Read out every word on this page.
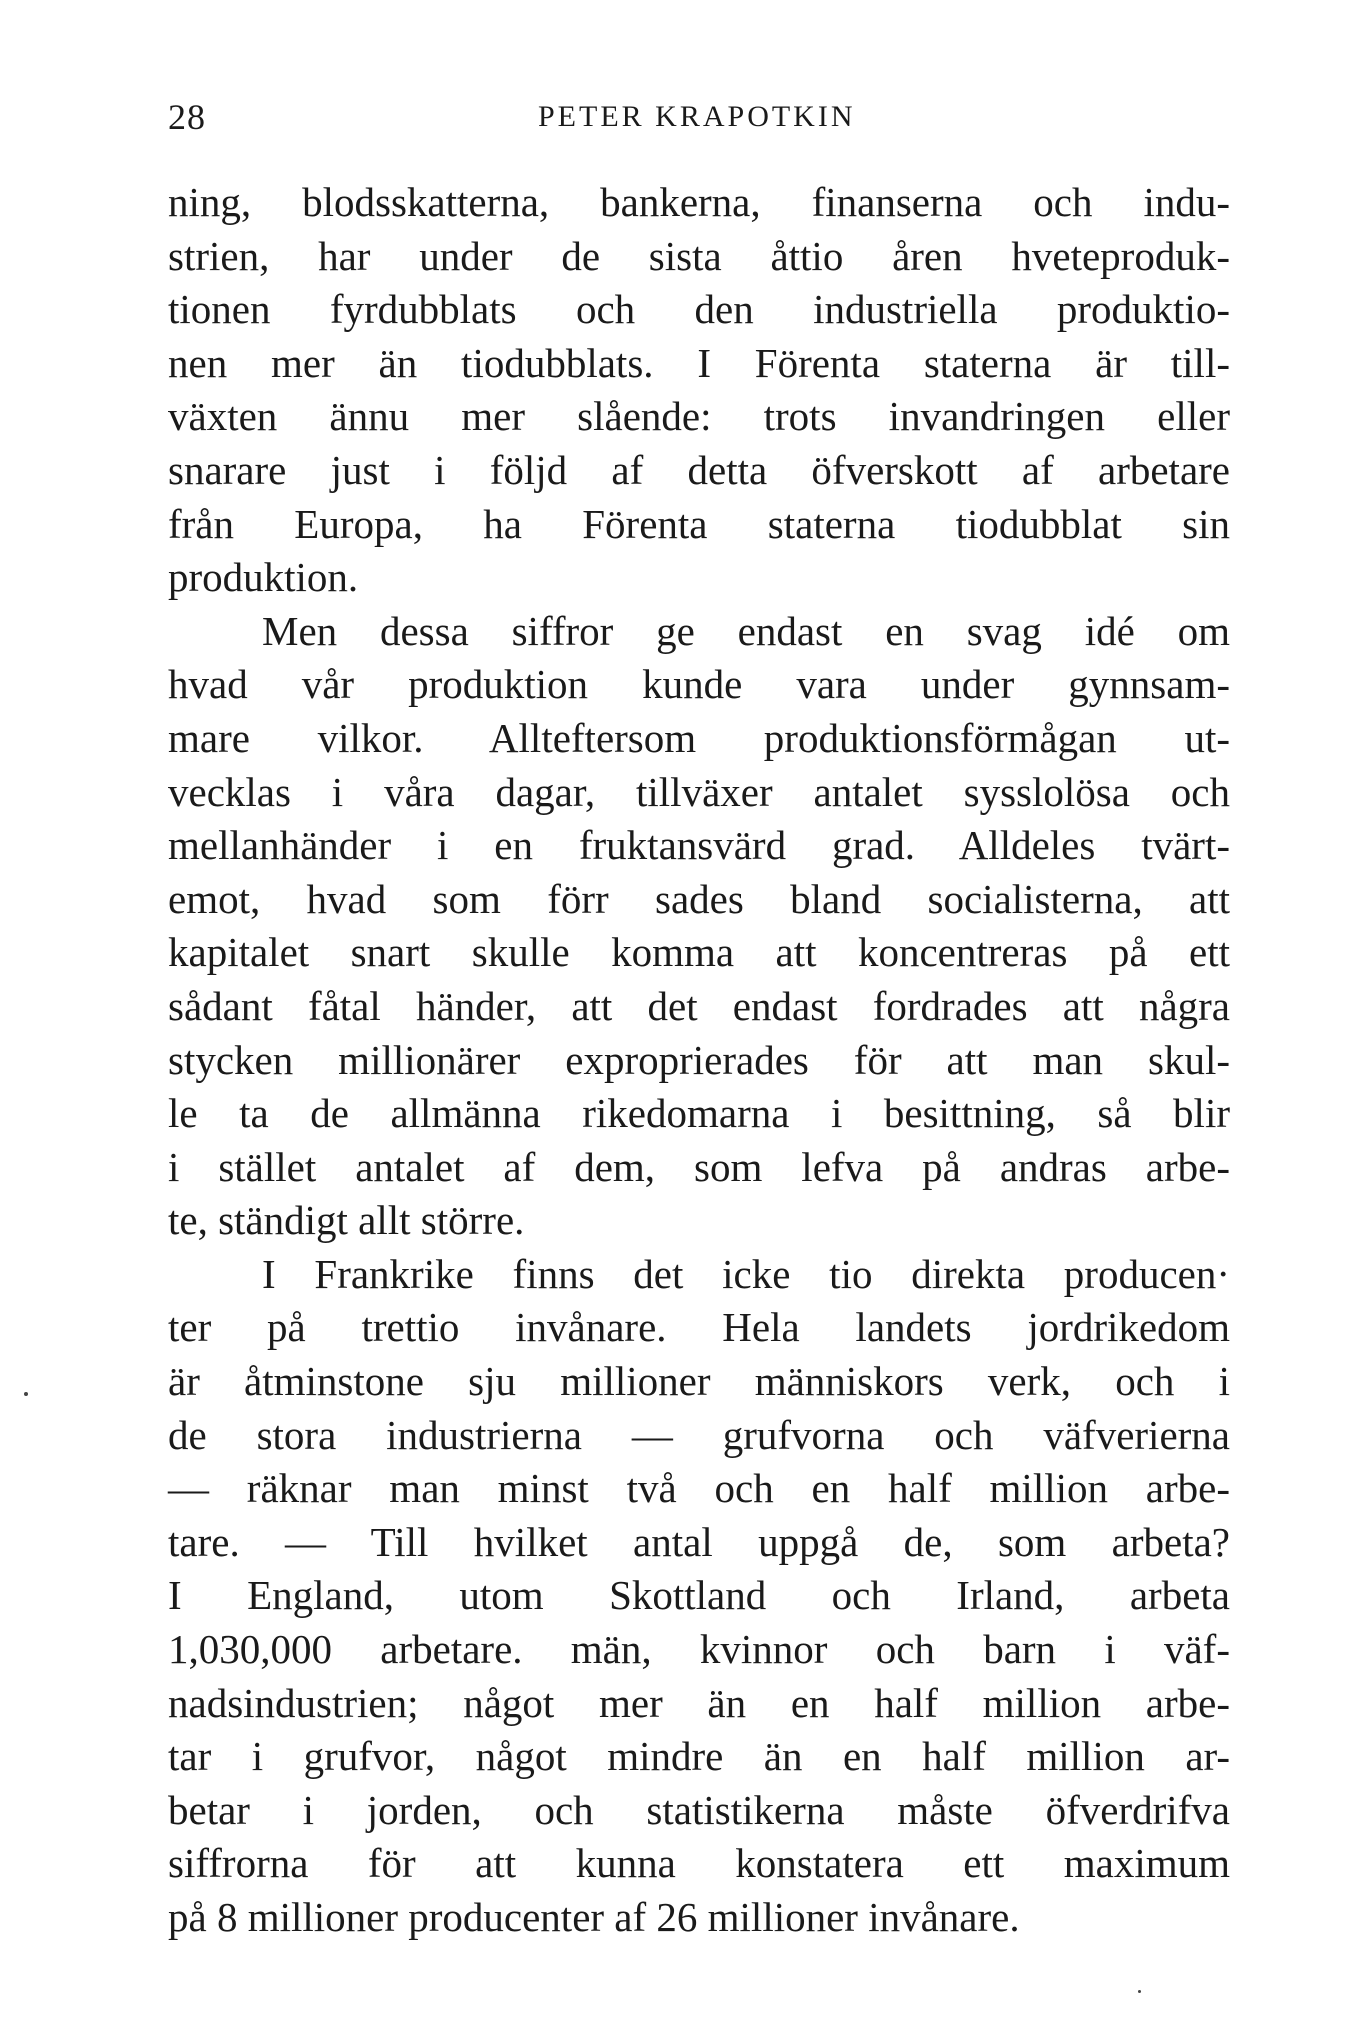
28	PETER KRAPOTKIN
ning, blodsskatterna, bankerna, finanserna och indu-
strien, har under de sista åttio åren hveteproduk-
tionen fyrdubblats och den industriella produktio-
nen mer än tiodubblats. I Förenta staterna är till-
växten ännu mer slående: trots invandringen eller
snarare just i följd af detta öfverskott af arbetare
från Europa, ha Förenta staterna tiodubblat sin
produktion.
Men dessa siffror ge endast en svag idé om
hvad vår produktion kunde vara under gynnsam-
mare vilkor. Allteftersom produktionsförmågan ut-
vecklas i våra dagar, tillväxer antalet sysslolösa och
mellanhänder i en fruktansvärd grad. Alldeles tvärt-
emot, hvad som förr sades bland socialisterna, att
kapitalet snart skulle komma att koncentreras på ett
sådant fåtal händer, att det endast fordrades att några
stycken millionärer exproprierades för att man skul-
le ta de allmänna rikedomarna i besittning, så blir
i stället antalet af dem, som lefva på andras arbe-
te, ständigt allt större.
I Frankrike finns det icke tio direkta producen·
ter på trettio invånare. Hela landets jordrikedom
är åtminstone sju millioner människors verk, och i
de stora industrierna — grufvorna och väfverierna
— räknar man minst två och en half million arbe-
tare. — Till hvilket antal uppgå de, som arbeta?
I England, utom Skottland och Irland, arbeta
1,030,000 arbetare. män, kvinnor och barn i väf-
nadsindustrien; något mer än en half million arbe-
tar i grufvor, något mindre än en half million ar-
betar i jorden, och statistikerna måste öfverdrifva
siffrorna för att kunna konstatera ett maximum
på 8 millioner producenter af 26 millioner invånare.
